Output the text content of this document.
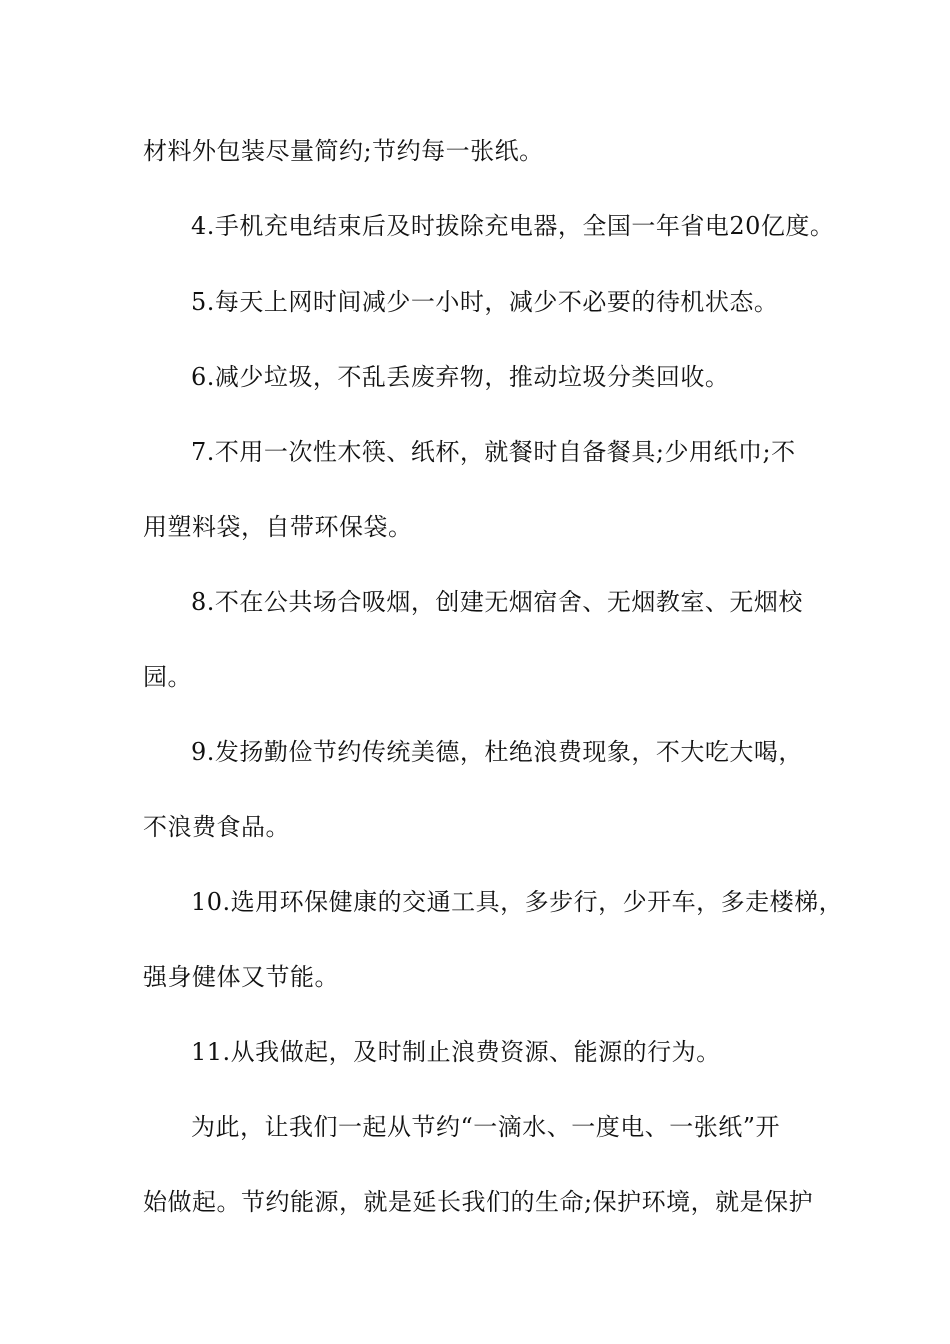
材料外包装尽量简约;节约每一张纸。
4.手机充电结束后及时拔除充电器，全国一年省电20亿度。
5.每天上网时间减少一小时，减少不必要的待机状态。
6.减少垃圾，不乱丢废弃物，推动垃圾分类回收。
7.不用一次性木筷、纸杯，就餐时自备餐具;少用纸巾;不
用塑料袋，自带环保袋。
8.不在公共场合吸烟，创建无烟宿舍、无烟教室、无烟校
园。
9.发扬勤俭节约传统美德，杜绝浪费现象，不大吃大喝，
不浪费食品。
10.选用环保健康的交通工具，多步行，少开车，多走楼梯，
强身健体又节能。
11.从我做起，及时制止浪费资源、能源的行为。
为此，让我们一起从节约“一滴水、一度电、一张纸”开
始做起。节约能源，就是延长我们的生命;保护环境，就是保护
